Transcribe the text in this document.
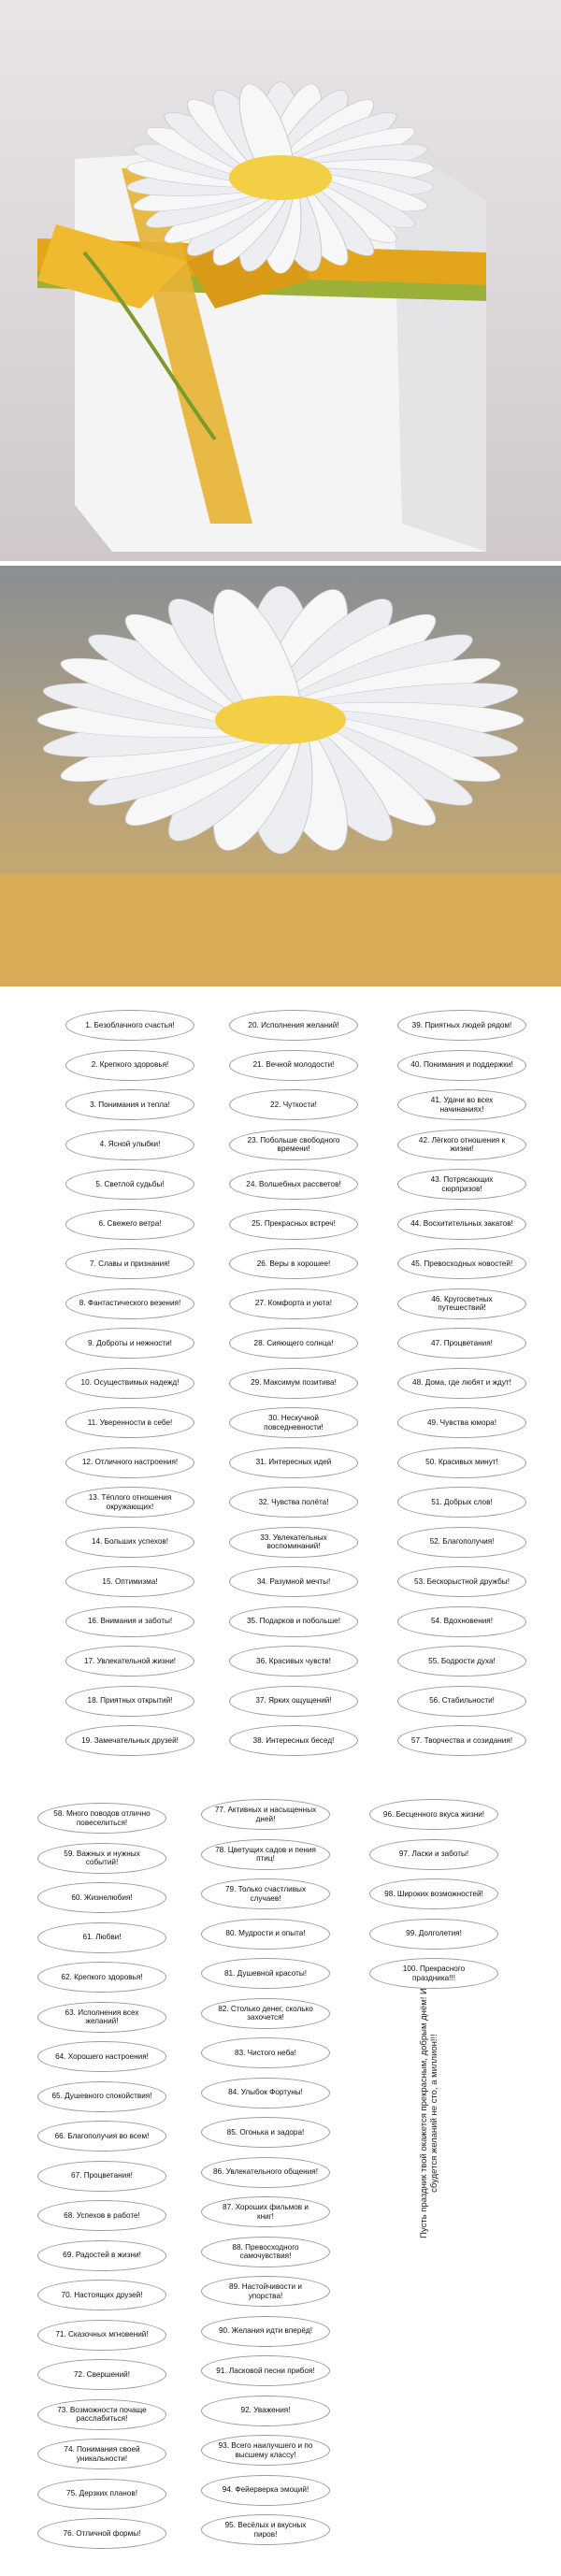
1. Безоблачного счастья!
2. Крепкого здоровья!
3. Понимания и тепла!
4. Ясной улыбки!
5. Светлой судьбы!
6. Свежего ветра!
7. Славы и признания!
8. Фантастического везения!
9. Доброты и нежности!
10. Осуществимых надежд!
11. Уверенности в себе!
12. Отличного настроения!
13. Тёплого отношения окружающих!
14. Больших успехов!
15. Оптимизма!
16. Внимания и заботы!
17. Увлекательной жизни!
18. Приятных открытий!
19. Замечательных друзей!
20. Исполнения желаний!
21. Вечной молодости!
22. Чуткости!
23. Побольше свободного времени!
24. Волшебных рассветов!
25. Прекрасных встреч!
26. Веры в хорошее!
27. Комфорта и уюта!
28. Сияющего солнца!
29. Максимум позитива!
30. Нескучной повседневности!
31. Интересных идей
32. Чувства полёта!
33. Увлекательных воспоминаний!
34. Разумной мечты!
35. Подарков и побольше!
36. Красивых чувств!
37. Ярких ощущений!
38. Интересных бесед!
39. Приятных людей рядом!
40. Понимания и поддержки!
41. Удачи во всех начинаниях!
42. Лёгкого отношения к жизни!
43. Потрясающих сюрпризов!
44. Восхитительных закатов!
45. Превосходных новостей!
46. Кругосветных путешествий!
47. Процветания!
48. Дома, где любят и ждут!
49. Чувства юмора!
50. Красивых минут!
51. Добрых слов!
52. Благополучия!
53. Бескорыстной дружбы!
54. Вдохновения!
55. Бодрости духа!
56. Стабильности!
57. Творчества и созидания!
58. Много поводов отлично повеселиться!
59. Важных и нужных событий!
60. Жизнелюбия!
61. Любви!
62. Крепкого здоровья!
63. Исполнения всех желаний!
64. Хорошего настроения!
65. Душевного спокойствия!
66. Благополучия во всем!
67. Процветания!
68. Успехов в работе!
69. Радостей в жизни!
70. Настоящих друзей!
71. Сказочных мгновений!
72. Свершений!
73. Возможности почаще расслабиться!
74. Понимания своей уникальности!
75. Дерзких планов!
76. Отличной формы!
77. Активных и насыщенных дней!
78. Цветущих садов и пения птиц!
79. Только счастливых случаев!
80. Мудрости и опыта!
81. Душевной красоты!
82. Столько денег, сколько захочется!
83. Чистого неба!
84. Улыбок Фортуны!
85. Огонька и задора!
86. Увлекательного общения!
87. Хороших фильмов и книг!
88. Превосходного самочувствия!
89. Настойчивости и упорства!
90. Желания идти вперёд!
91. Ласковой песни прибоя!
92. Уважения!
93. Всего наилучшего и по высшему классу!
94. Фейерверка эмоций!
95. Весёлых и вкусных пиров!
96. Бесценного вкуса жизни!
97. Ласки и заботы!
98. Широких возможностей!
99. Долголетия!
100. Прекрасного праздника!!!
Пусть праздник твой окажется прекрасным, добрым днём! И сбудется желаний не сто, а миллион!!!
